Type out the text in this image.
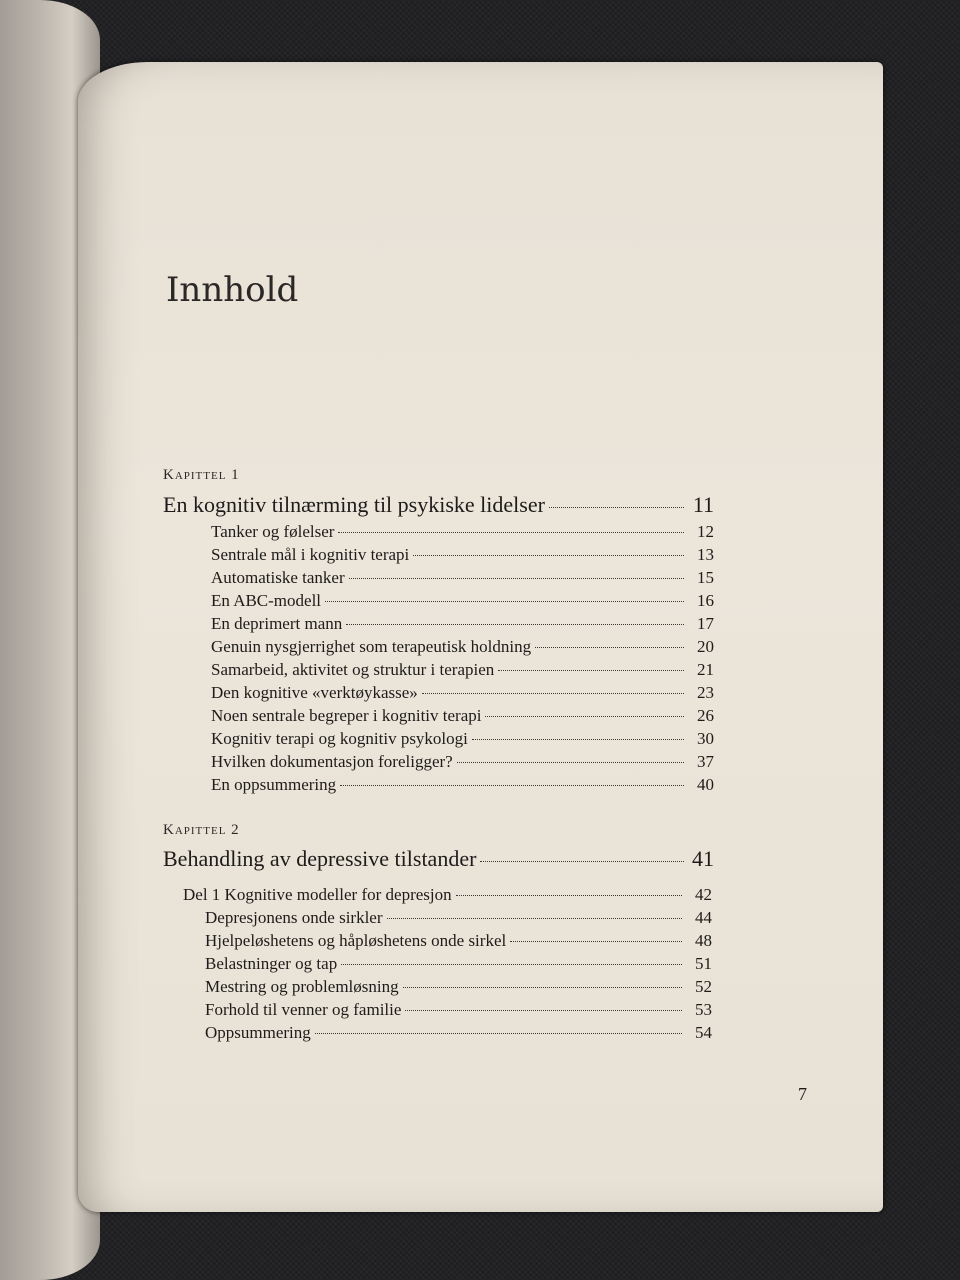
Innhold
Kapittel 1
En kognitiv tilnærming til psykiske lidelser	11
Tanker og følelser	12
Sentrale mål i kognitiv terapi	13
Automatiske tanker	15
En ABC-modell	16
En deprimert mann	17
Genuin nysgjerrighet som terapeutisk holdning	20
Samarbeid, aktivitet og struktur i terapien	21
Den kognitive «verktøykasse»	23
Noen sentrale begreper i kognitiv terapi	26
Kognitiv terapi og kognitiv psykologi	30
Hvilken dokumentasjon foreligger?	37
En oppsummering	40
Kapittel 2
Behandling av depressive tilstander	41
Del 1 Kognitive modeller for depresjon	42
Depresjonens onde sirkler	44
Hjelpeløshetens og håpløshetens onde sirkel	48
Belastninger og tap	51
Mestring og problemløsning	52
Forhold til venner og familie	53
Oppsummering	54
7
